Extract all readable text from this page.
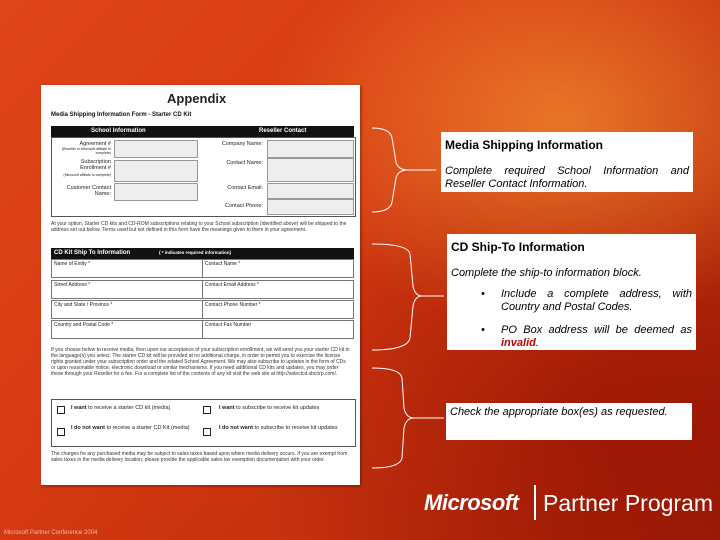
Appendix
Media Shipping Information Form - Starter CD Kit
School Information	Reseller Contact
Agreement #
(Reseller or Microsoft affiliate to complete)
Subscription Enrollment #
(Microsoft affiliate to complete)
Customer Contact Name:
Company Name:
Contact Name:
Contact Email:
Contact Phone:
At your option, Starter CD kits and CD-ROM subscriptions relating to your School subscription (identified above) will be shipped to the address set out below. Terms used but not defined in this form have the meanings given to them in your agreement.
CD Kit Ship To Information	( * indicates required information)
Name of Entity *	Contact Name *
Street Address *	Contact Email Address *
City and State / Province *	Contact Phone Number *
Country and Postal Code *	Contact Fax Number
If you choose below to receive media, then upon our acceptance of your subscription enrollment, we will send you your starter CD kit in the language(s) you select. The starter CD kit will be provided at no additional charge, in order to permit you to exercise the license rights granted under your subscription order and the related School Agreement. We may also subscribe to updates in the form of CDs or upon reasonable notice, electronic download or similar mechanisms. If you need additional CD kits and updates, you may order these through your Reseller for a fee. For a complete list of the contents of any kit visit the web site at http://selectcd.sbcorp.com/.
I want to receive a starter CD kit (media)	I want to subscribe to receive kit updates
I do not want to receive a starter CD Kit (media)	I do not want to subscribe to receive kit updates
The charges for any purchased media may be subject to sales taxes based upon where media delivery occurs. If you are exempt from sales taxes in the media delivery location, please provide the applicable sales tax exemption documentation with your order.
Media Shipping Information
Complete required School Information and Reseller Contact Information.
CD Ship-To Information
Complete the ship-to information block.
• Include a complete address, with Country and Postal Codes.
• PO Box address will be deemed as invalid.
Check the appropriate box(es) as requested.
Microsoft Partner Program
Microsoft Partner Conference 2004
